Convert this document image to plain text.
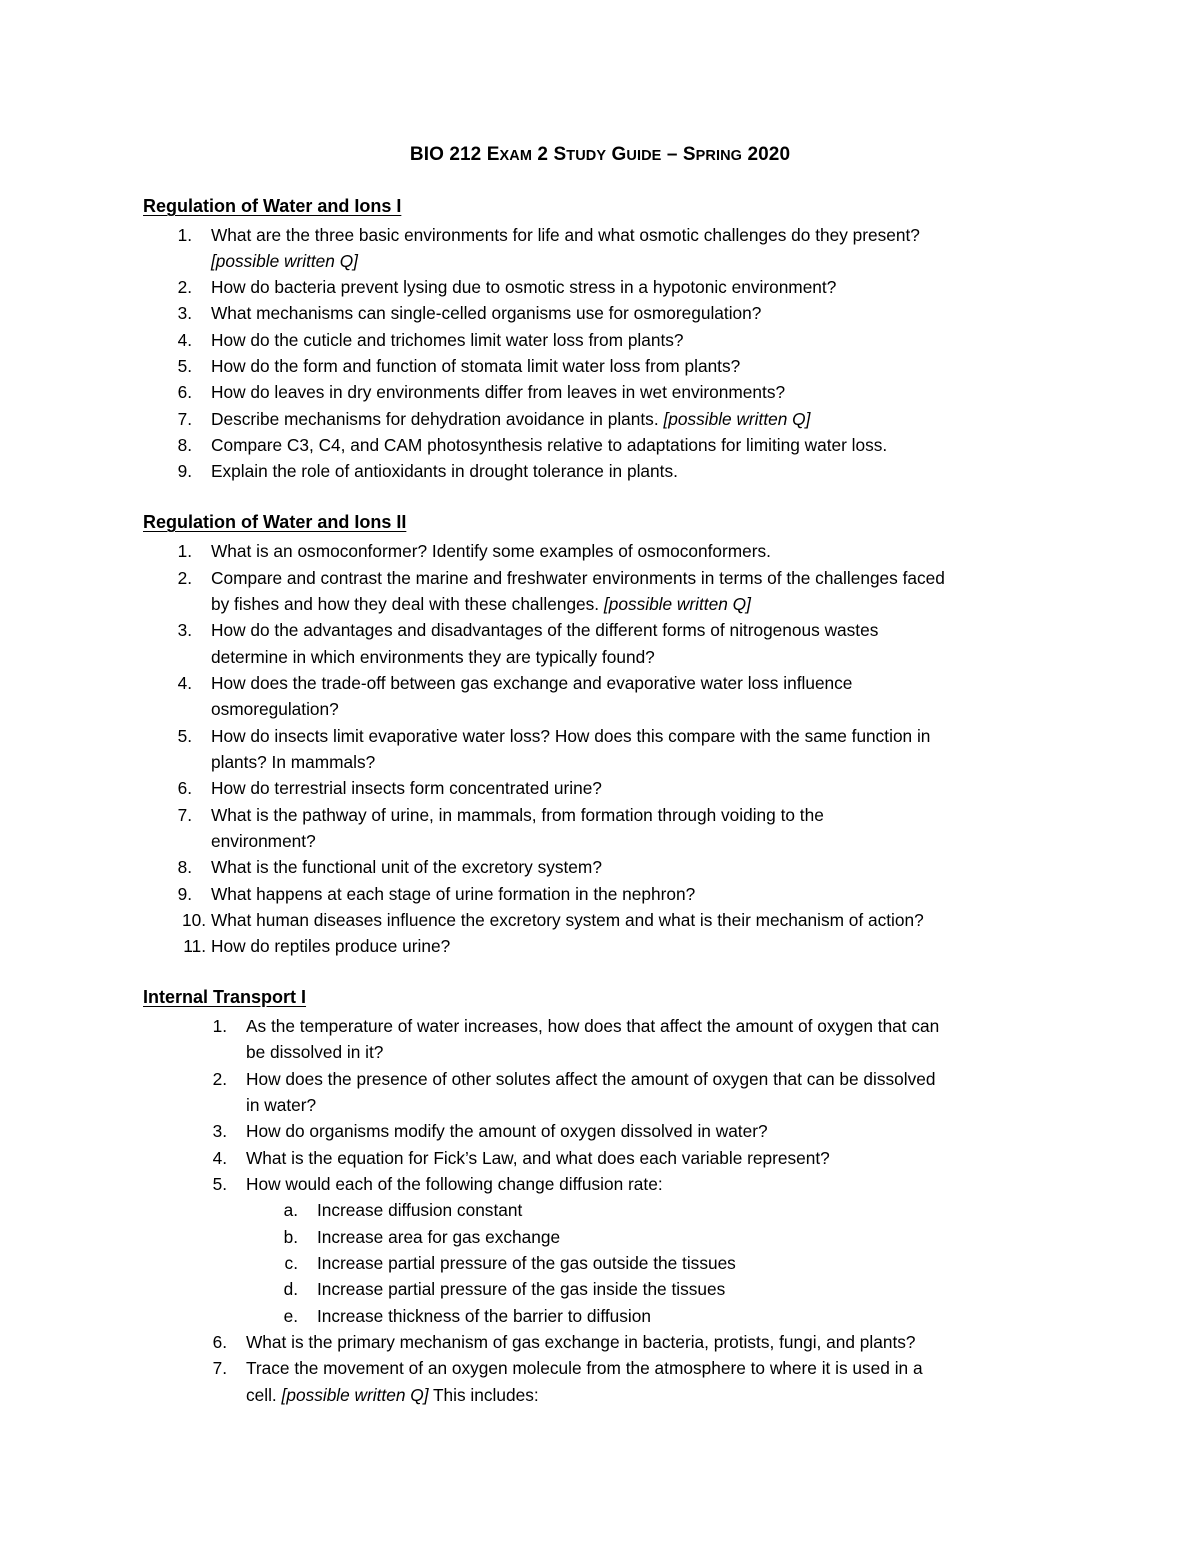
BIO 212 EXAM 2 STUDY GUIDE – SPRING 2020
Regulation of Water and Ions I
1. What are the three basic environments for life and what osmotic challenges do they present?
[possible written Q]
2. How do bacteria prevent lysing due to osmotic stress in a hypotonic environment?
3. What mechanisms can single-celled organisms use for osmoregulation?
4. How do the cuticle and trichomes limit water loss from plants?
5. How do the form and function of stomata limit water loss from plants?
6. How do leaves in dry environments differ from leaves in wet environments?
7. Describe mechanisms for dehydration avoidance in plants. [possible written Q]
8. Compare C3, C4, and CAM photosynthesis relative to adaptations for limiting water loss.
9. Explain the role of antioxidants in drought tolerance in plants.
Regulation of Water and Ions II
1. What is an osmoconformer? Identify some examples of osmoconformers.
2. Compare and contrast the marine and freshwater environments in terms of the challenges faced
by fishes and how they deal with these challenges. [possible written Q]
3. How do the advantages and disadvantages of the different forms of nitrogenous wastes
determine in which environments they are typically found?
4. How does the trade-off between gas exchange and evaporative water loss influence
osmoregulation?
5. How do insects limit evaporative water loss? How does this compare with the same function in
plants? In mammals?
6. How do terrestrial insects form concentrated urine?
7. What is the pathway of urine, in mammals, from formation through voiding to the
environment?
8. What is the functional unit of the excretory system?
9. What happens at each stage of urine formation in the nephron?
10. What human diseases influence the excretory system and what is their mechanism of action?
11. How do reptiles produce urine?
Internal Transport I
1. As the temperature of water increases, how does that affect the amount of oxygen that can
be dissolved in it?
2. How does the presence of other solutes affect the amount of oxygen that can be dissolved
in water?
3. How do organisms modify the amount of oxygen dissolved in water?
4. What is the equation for Fick’s Law, and what does each variable represent?
5. How would each of the following change diffusion rate:
a. Increase diffusion constant
b. Increase area for gas exchange
c. Increase partial pressure of the gas outside the tissues
d. Increase partial pressure of the gas inside the tissues
e. Increase thickness of the barrier to diffusion
6. What is the primary mechanism of gas exchange in bacteria, protists, fungi, and plants?
7. Trace the movement of an oxygen molecule from the atmosphere to where it is used in a
cell. [possible written Q] This includes:
